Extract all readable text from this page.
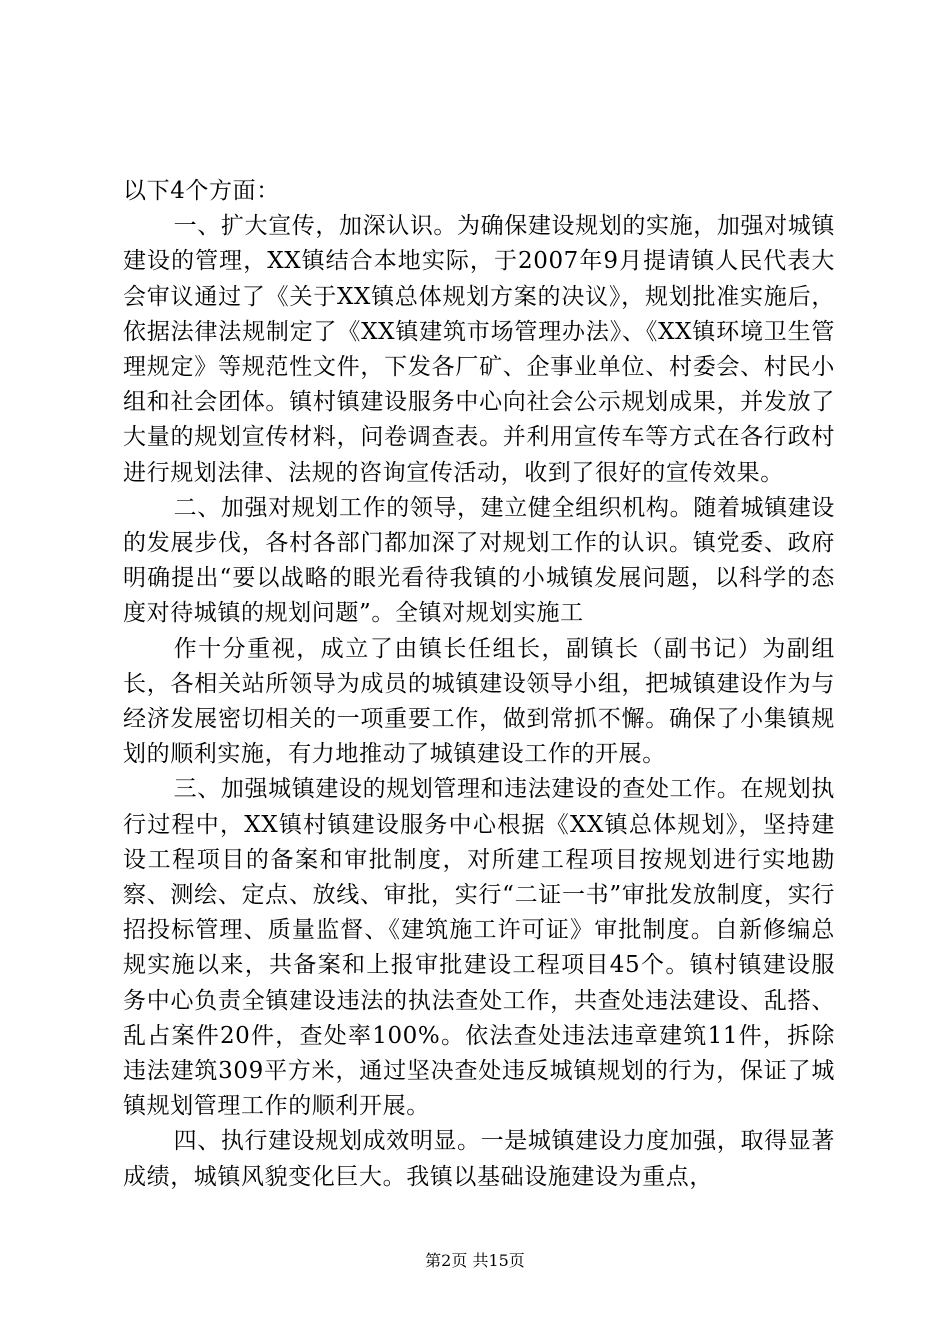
以下4个方面：

一、扩大宣传，加深认识。为确保建设规划的实施，加强对城镇建设的管理，XX镇结合本地实际，于2007年9月提请镇人民代表大会审议通过了《关于XX镇总体规划方案的决议》，规划批准实施后，依据法律法规制定了《XX镇建筑市场管理办法》、《XX镇环境卫生管理规定》等规范性文件，下发各厂矿、企事业单位、村委会、村民小组和社会团体。镇村镇建设服务中心向社会公示规划成果，并发放了大量的规划宣传材料，问卷调查表。并利用宣传车等方式在各行政村进行规划法律、法规的咨询宣传活动，收到了很好的宣传效果。

二、加强对规划工作的领导，建立健全组织机构。随着城镇建设的发展步伐，各村各部门都加深了对规划工作的认识。镇党委、政府明确提出“要以战略的眼光看待我镇的小城镇发展问题，以科学的态度对待城镇的规划问题”。全镇对规划实施工

作十分重视，成立了由镇长任组长，副镇长（副书记）为副组长，各相关站所领导为成员的城镇建设领导小组，把城镇建设作为与经济发展密切相关的一项重要工作，做到常抓不懈。确保了小集镇规划的顺利实施，有力地推动了城镇建设工作的开展。

三、加强城镇建设的规划管理和违法建设的查处工作。在规划执行过程中，XX镇村镇建设服务中心根据《XX镇总体规划》，坚持建设工程项目的备案和审批制度，对所建工程项目按规划进行实地勘察、测绘、定点、放线、审批，实行“二证一书”审批发放制度，实行招投标管理、质量监督、《建筑施工许可证》审批制度。自新修编总规实施以来，共备案和上报审批建设工程项目45个。镇村镇建设服务中心负责全镇建设违法的执法查处工作，共查处违法建设、乱搭、乱占案件20件，查处率100%。依法查处违法违章建筑11件，拆除违法建筑309平方米，通过坚决查处违反城镇规划的行为，保证了城镇规划管理工作的顺利开展。

四、执行建设规划成效明显。一是城镇建设力度加强，取得显著成绩，城镇风貌变化巨大。我镇以基础设施建设为重点，

第2页 共15页
